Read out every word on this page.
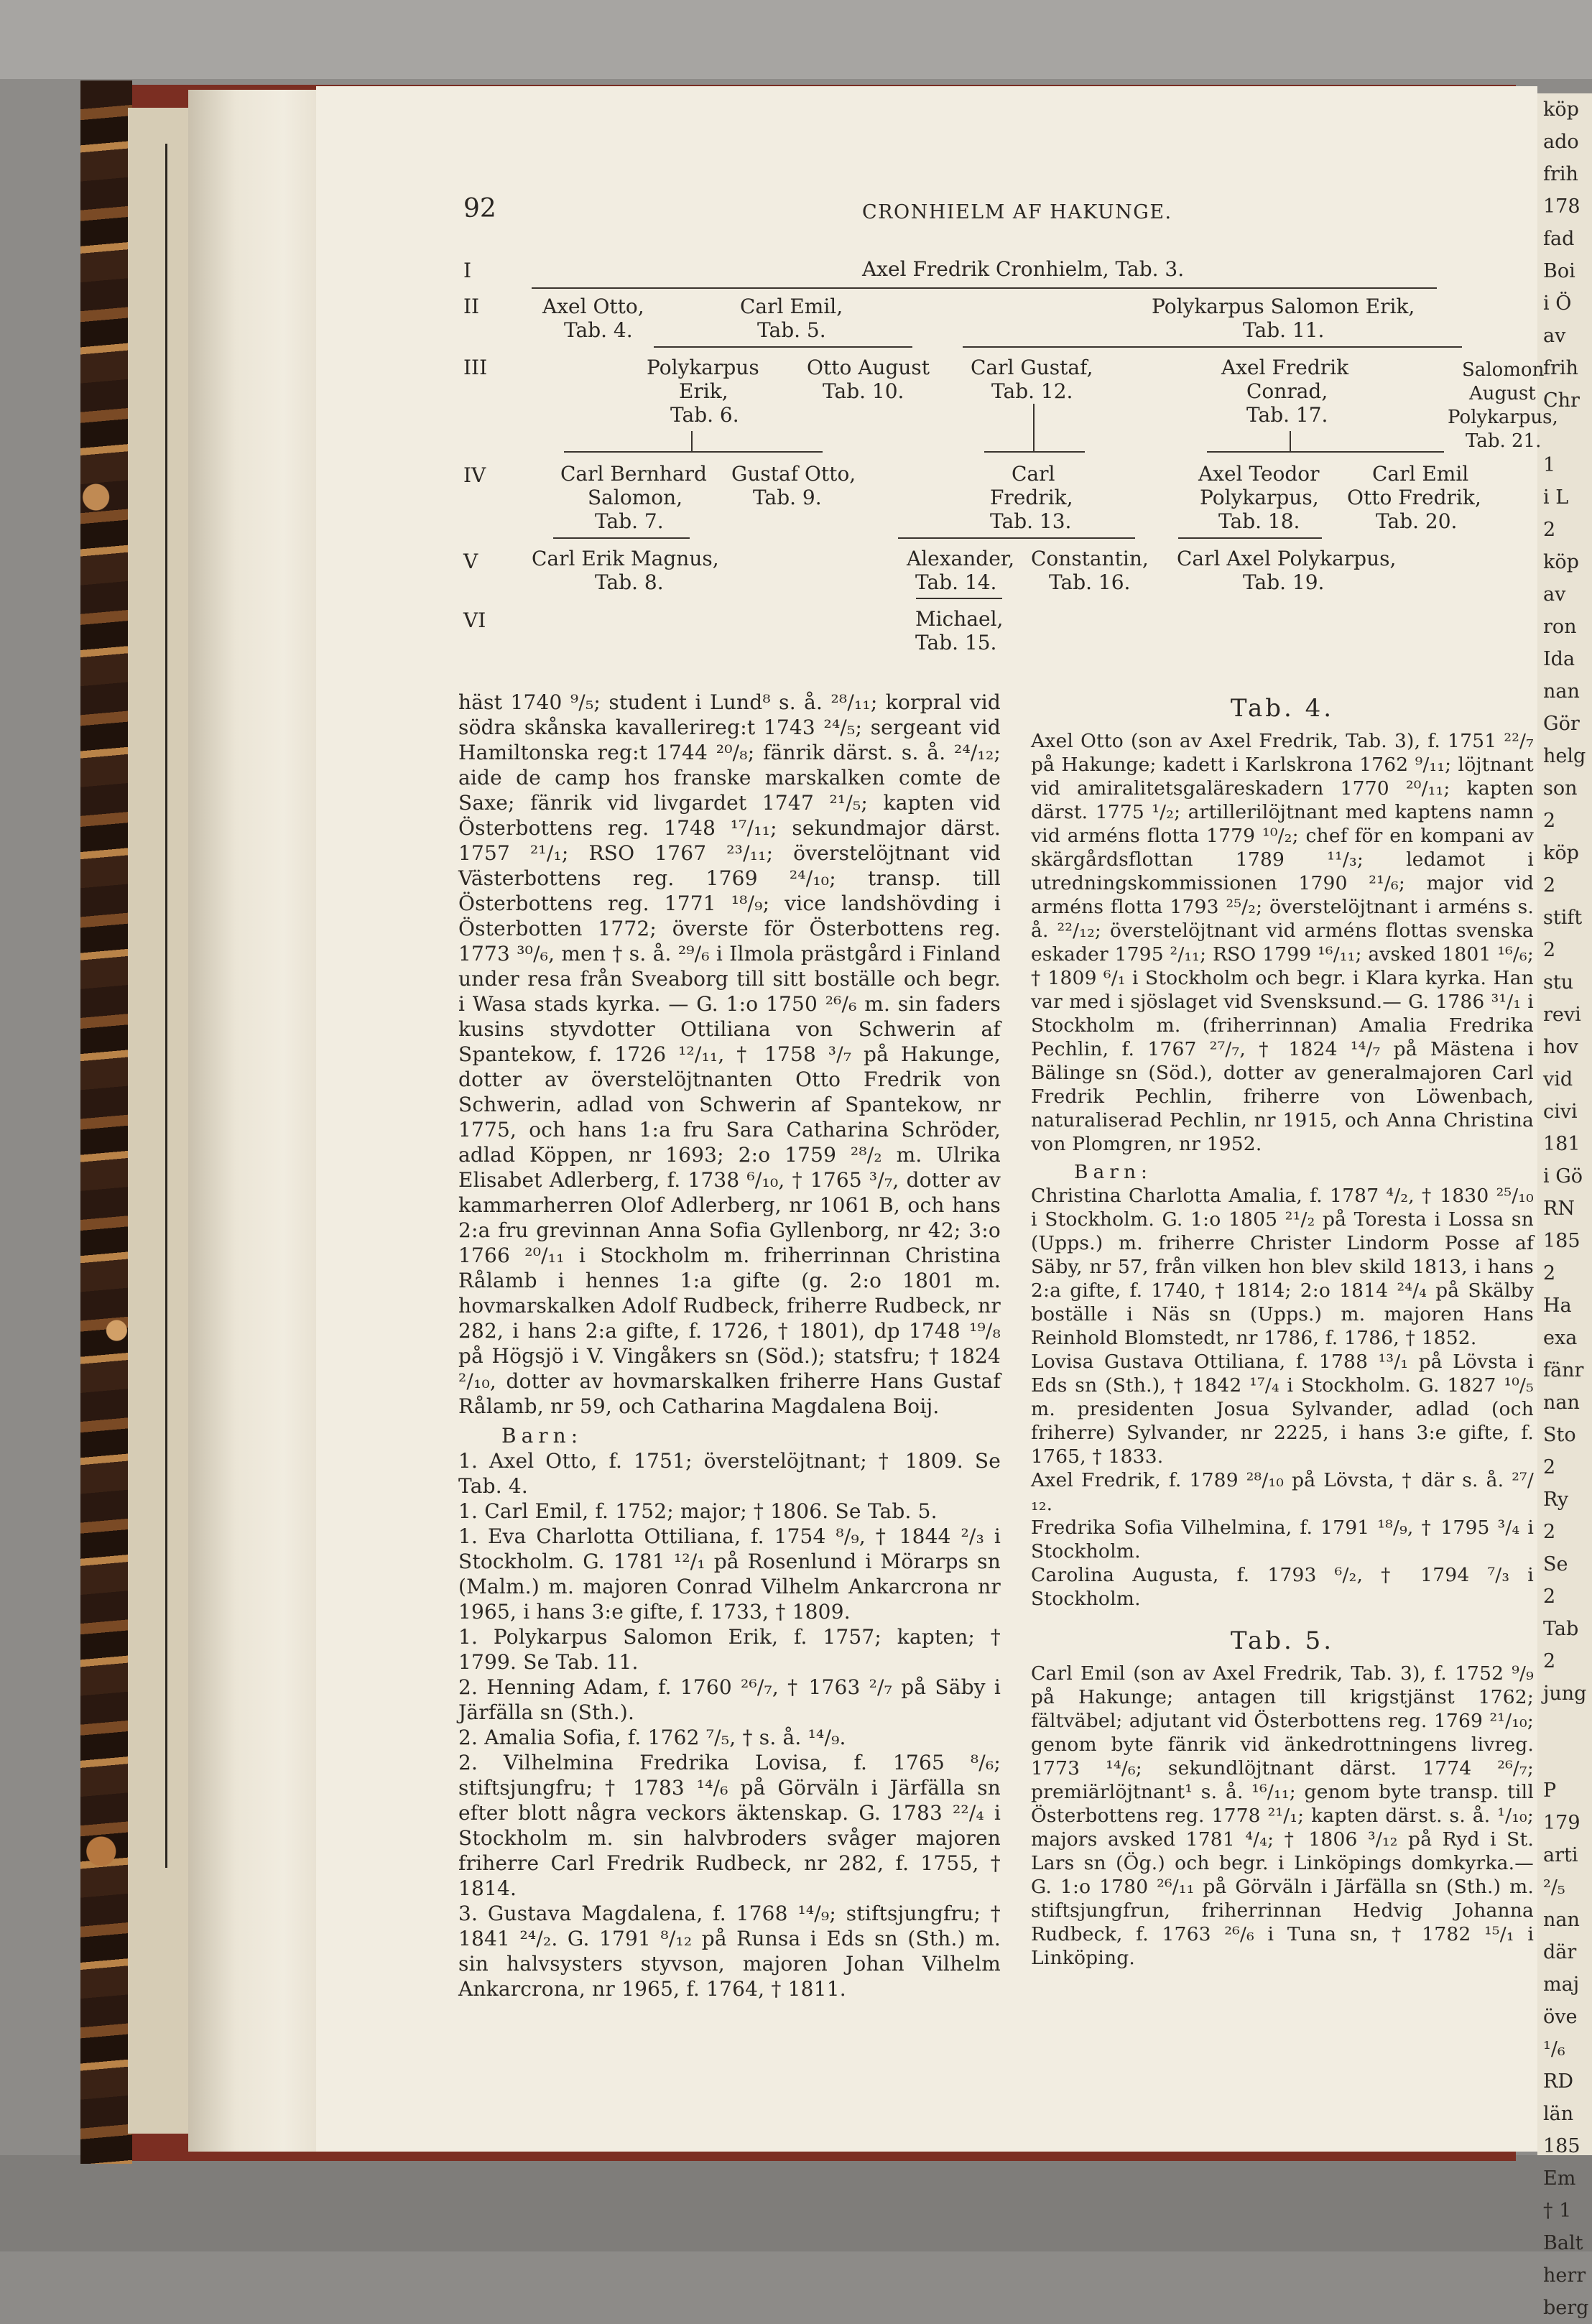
köp
ado
frih
178
fad
Boi
i Ö
av
frih
Chr

1
i L
2
köp
av
ron
Ida
nan
Gör
helg
son
2
köp
2
stift
2
stu
revi
hov
vid
civi
181
i Gö
RN
185
2
Ha
exa
fänr
nan
Sto
2
Ry
2
Se
2
Tab
2
jung

P
179
arti
²/₅
nan
där
maj
öve
¹/₆
RD
län
185
Em
† 1
Balt
herr
berg
92	CRONHIELM AF HAKUNGE.
I
II
III
IV
V
VI
Axel Fredrik Cronhielm, Tab. 3.
Axel Otto,
Tab. 4.
Carl Emil,
Tab. 5.
Polykarpus Salomon Erik,
Tab. 11.
Polykarpus
Erik,
Tab. 6.
Otto August
Tab. 10.
Carl Gustaf,
Tab. 12.
Axel Fredrik
Conrad,
Tab. 17.
Salomon
August
Polykarpus,
Tab. 21.
Carl Bernhard
Salomon,
Tab. 7.
Gustaf Otto,
Tab. 9.
Carl
Fredrik,
Tab. 13.
Axel Teodor
Polykarpus,
Tab. 18.
Carl Emil
Otto Fredrik,
Tab. 20.
Carl Erik Magnus,
Tab. 8.
Alexander,
Tab. 14.
Constantin,
Tab. 16.
Carl Axel Polykarpus,
Tab. 19.
Michael,
Tab. 15.

häst 1740 ⁹/₅; student i Lund⁸ s. å. ²⁸/₁₁; korpral vid södra skånska kavallerireg:t 1743 ²⁴/₅; sergeant vid Hamiltonska reg:t 1744 ²⁰/₈; fänrik därst. s. å. ²⁴/₁₂; aide de camp hos franske marskalken comte de Saxe; fänrik vid livgardet 1747 ²¹/₅; kapten vid Österbottens reg. 1748 ¹⁷/₁₁; sekundmajor därst. 1757 ²¹/₁; RSO 1767 ²³/₁₁; överstelöjtnant vid Västerbottens reg. 1769 ²⁴/₁₀; transp. till Österbottens reg. 1771 ¹⁸/₉; vice landshövding i Österbotten 1772; överste för Österbottens reg. 1773 ³⁰/₆, men † s. å. ²⁹/₆ i Ilmola prästgård i Finland under resa från Sveaborg till sitt boställe och begr. i Wasa stads kyrka. — G. 1:o 1750 ²⁶/₆ m. sin faders kusins styvdotter Ottiliana von Schwerin af Spantekow, f. 1726 ¹²/₁₁, † 1758 ³/₇ på Hakunge, dotter av överstelöjtnanten Otto Fredrik von Schwerin, adlad von Schwerin af Spantekow, nr 1775, och hans 1:a fru Sara Catharina Schröder, adlad Köppen, nr 1693; 2:o 1759 ²⁸/₂ m. Ulrika Elisabet Adlerberg, f. 1738 ⁶/₁₀, † 1765 ³/₇, dotter av kammarherren Olof Adlerberg, nr 1061 B, och hans 2:a fru grevinnan Anna Sofia Gyllenborg, nr 42; 3:o 1766 ²⁰/₁₁ i Stockholm m. friherrinnan Christina Rålamb i hennes 1:a gifte (g. 2:o 1801 m. hovmarskalken Adolf Rudbeck, friherre Rudbeck, nr 282, i hans 2:a gifte, f. 1726, † 1801), dp 1748 ¹⁹/₈ på Högsjö i V. Vingåkers sn (Söd.); statsfru; † 1824 ²/₁₀, dotter av hovmarskalken friherre Hans Gustaf Rålamb, nr 59, och Catharina Magdalena Boij.

Barn:

1. Axel Otto, f. 1751; överstelöjtnant; † 1809. Se Tab. 4.

1. Carl Emil, f. 1752; major; † 1806. Se Tab. 5.

1. Eva Charlotta Ottiliana, f. 1754 ⁸/₉, † 1844 ²/₃ i Stockholm. G. 1781 ¹²/₁ på Rosenlund i Mörarps sn (Malm.) m. majoren Conrad Vilhelm Ankarcrona nr 1965, i hans 3:e gifte, f. 1733, † 1809.

1. Polykarpus Salomon Erik, f. 1757; kapten; † 1799. Se Tab. 11.

2. Henning Adam, f. 1760 ²⁶/₇, † 1763 ²/₇ på Säby i Järfälla sn (Sth.).

2. Amalia Sofia, f. 1762 ⁷/₅, † s. å. ¹⁴/₉.

2. Vilhelmina Fredrika Lovisa, f. 1765 ⁸/₆; stiftsjungfru; † 1783 ¹⁴/₆ på Görväln i Järfälla sn efter blott några veckors äktenskap. G. 1783 ²²/₄ i Stockholm m. sin halvbroders svåger majoren friherre Carl Fredrik Rudbeck, nr 282, f. 1755, † 1814.

3. Gustava Magdalena, f. 1768 ¹⁴/₉; stiftsjungfru; † 1841 ²⁴/₂. G. 1791 ⁸/₁₂ på Runsa i Eds sn (Sth.) m. sin halvsysters styvson, majoren Johan Vilhelm Ankarcrona, nr 1965, f. 1764, † 1811.

Tab. 4.

Axel Otto (son av Axel Fredrik, Tab. 3), f. 1751 ²²/₇ på Hakunge; kadett i Karlskrona 1762 ⁹/₁₁; löjtnant vid amiralitetsgaläreskadern 1770 ²⁰/₁₁; kapten därst. 1775 ¹/₂; artillerilöjtnant med kaptens namn vid arméns flotta 1779 ¹⁰/₂; chef för en kompani av skärgårdsflottan 1789 ¹¹/₃; ledamot i utredningskommissionen 1790 ²¹/₆; major vid arméns flotta 1793 ²⁵/₂; överstelöjtnant i arméns s. å. ²²/₁₂; överstelöjtnant vid arméns flottas svenska eskader 1795 ²/₁₁; RSO 1799 ¹⁶/₁₁; avsked 1801 ¹⁶/₆; † 1809 ⁶/₁ i Stockholm och begr. i Klara kyrka. Han var med i sjöslaget vid Svensksund.— G. 1786 ³¹/₁ i Stockholm m. (friherrinnan) Amalia Fredrika Pechlin, f. 1767 ²⁷/₇, † 1824 ¹⁴/₇ på Mästena i Bälinge sn (Söd.), dotter av generalmajoren Carl Fredrik Pechlin, friherre von Löwenbach, naturaliserad Pechlin, nr 1915, och Anna Christina von Plomgren, nr 1952.

Barn:

Christina Charlotta Amalia, f. 1787 ⁴/₂, † 1830 ²⁵/₁₀ i Stockholm. G. 1:o 1805 ²¹/₂ på Toresta i Lossa sn (Upps.) m. friherre Christer Lindorm Posse af Säby, nr 57, från vilken hon blev skild 1813, i hans 2:a gifte, f. 1740, † 1814; 2:o 1814 ²⁴/₄ på Skälby boställe i Näs sn (Upps.) m. majoren Hans Reinhold Blomstedt, nr 1786, f. 1786, † 1852.

Lovisa Gustava Ottiliana, f. 1788 ¹³/₁ på Lövsta i Eds sn (Sth.), † 1842 ¹⁷/₄ i Stockholm. G. 1827 ¹⁰/₅ m. presidenten Josua Sylvander, adlad (och friherre) Sylvander, nr 2225, i hans 3:e gifte, f. 1765, † 1833.

Axel Fredrik, f. 1789 ²⁸/₁₀ på Lövsta, † där s. å. ²⁷/₁₂.

Fredrika Sofia Vilhelmina, f. 1791 ¹⁸/₉, † 1795 ³/₄ i Stockholm.

Carolina Augusta, f. 1793 ⁶/₂, † 1794 ⁷/₃ i Stockholm.

Tab. 5.

Carl Emil (son av Axel Fredrik, Tab. 3), f. 1752 ⁹/₉ på Hakunge; antagen till krigstjänst 1762; fältväbel; adjutant vid Österbottens reg. 1769 ²¹/₁₀; genom byte fänrik vid änkedrottningens livreg. 1773 ¹⁴/₆; sekundlöjtnant därst. 1774 ²⁶/₇; premiärlöjtnant¹ s. å. ¹⁶/₁₁; genom byte transp. till Österbottens reg. 1778 ²¹/₁; kapten därst. s. å. ¹/₁₀; majors avsked 1781 ⁴/₄; † 1806 ³/₁₂ på Ryd i St. Lars sn (Ög.) och begr. i Linköpings domkyrka.— G. 1:o 1780 ²⁶/₁₁ på Görväln i Järfälla sn (Sth.) m. stiftsjungfrun, friherrinnan Hedvig Johanna Rudbeck, f. 1763 ²⁶/₆ i Tuna sn, † 1782 ¹⁵/₁ i Linköping.
